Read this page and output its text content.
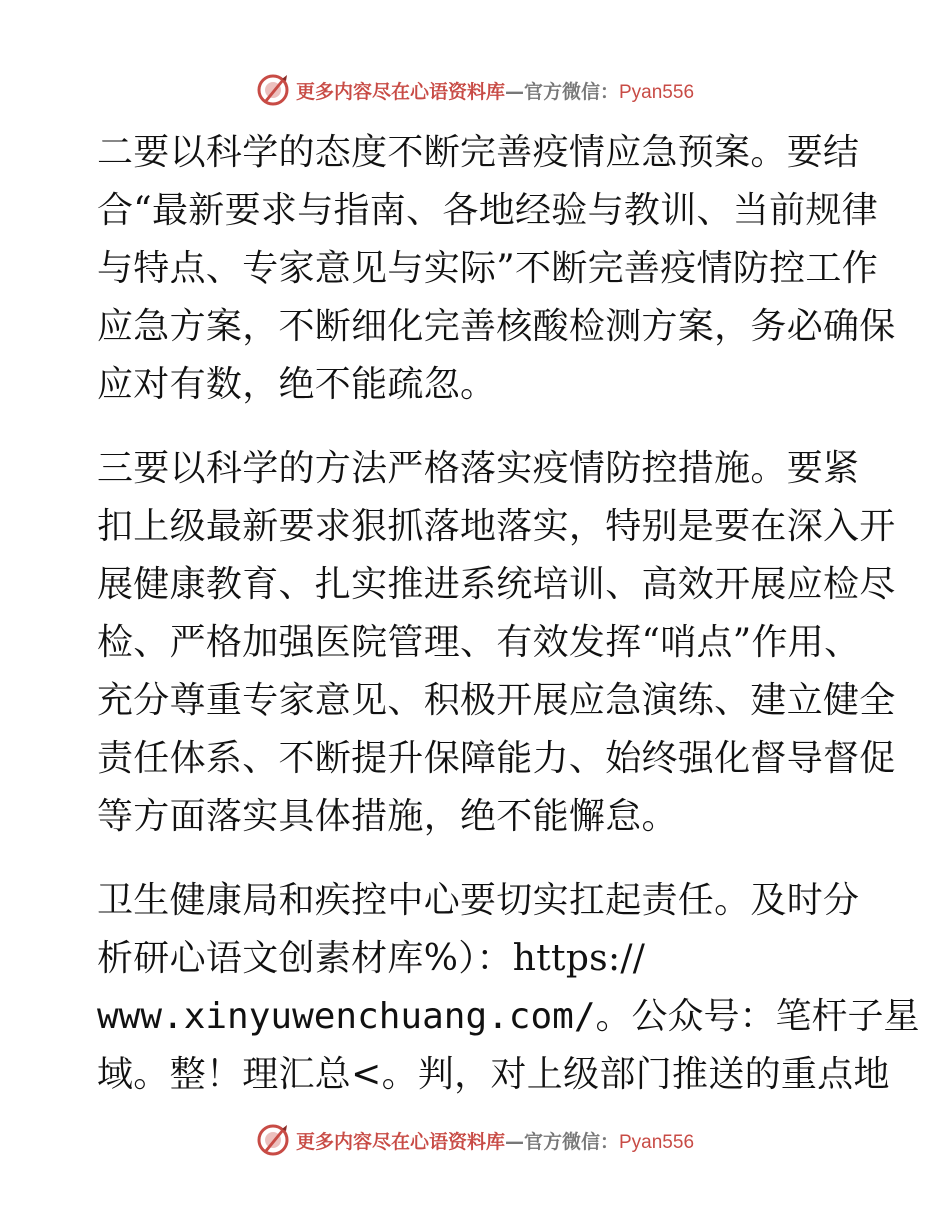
更多内容尽在心语资料库—官方微信：Pyan556
二要以科学的态度不断完善疫情应急预案。要结
合“最新要求与指南、各地经验与教训、当前规律
与特点、专家意见与实际”不断完善疫情防控工作
应急方案，不断细化完善核酸检测方案，务必确保
应对有数，绝不能疏忽。
三要以科学的方法严格落实疫情防控措施。要紧
扣上级最新要求狠抓落地落实，特别是要在深入开
展健康教育、扎实推进系统培训、高效开展应检尽
检、严格加强医院管理、有效发挥“哨点”作用、
充分尊重专家意见、积极开展应急演练、建立健全
责任体系、不断提升保障能力、始终强化督导督促
等方面落实具体措施，绝不能懈怠。
卫生健康局和疾控中心要切实扛起责任。及时分
析研心语文创素材库%）：https://
www.xinyuwenchuang.com/。公众号：笔杆子星
域。整！理汇总<。判，对上级部门推送的重点地
更多内容尽在心语资料库—官方微信：Pyan556
